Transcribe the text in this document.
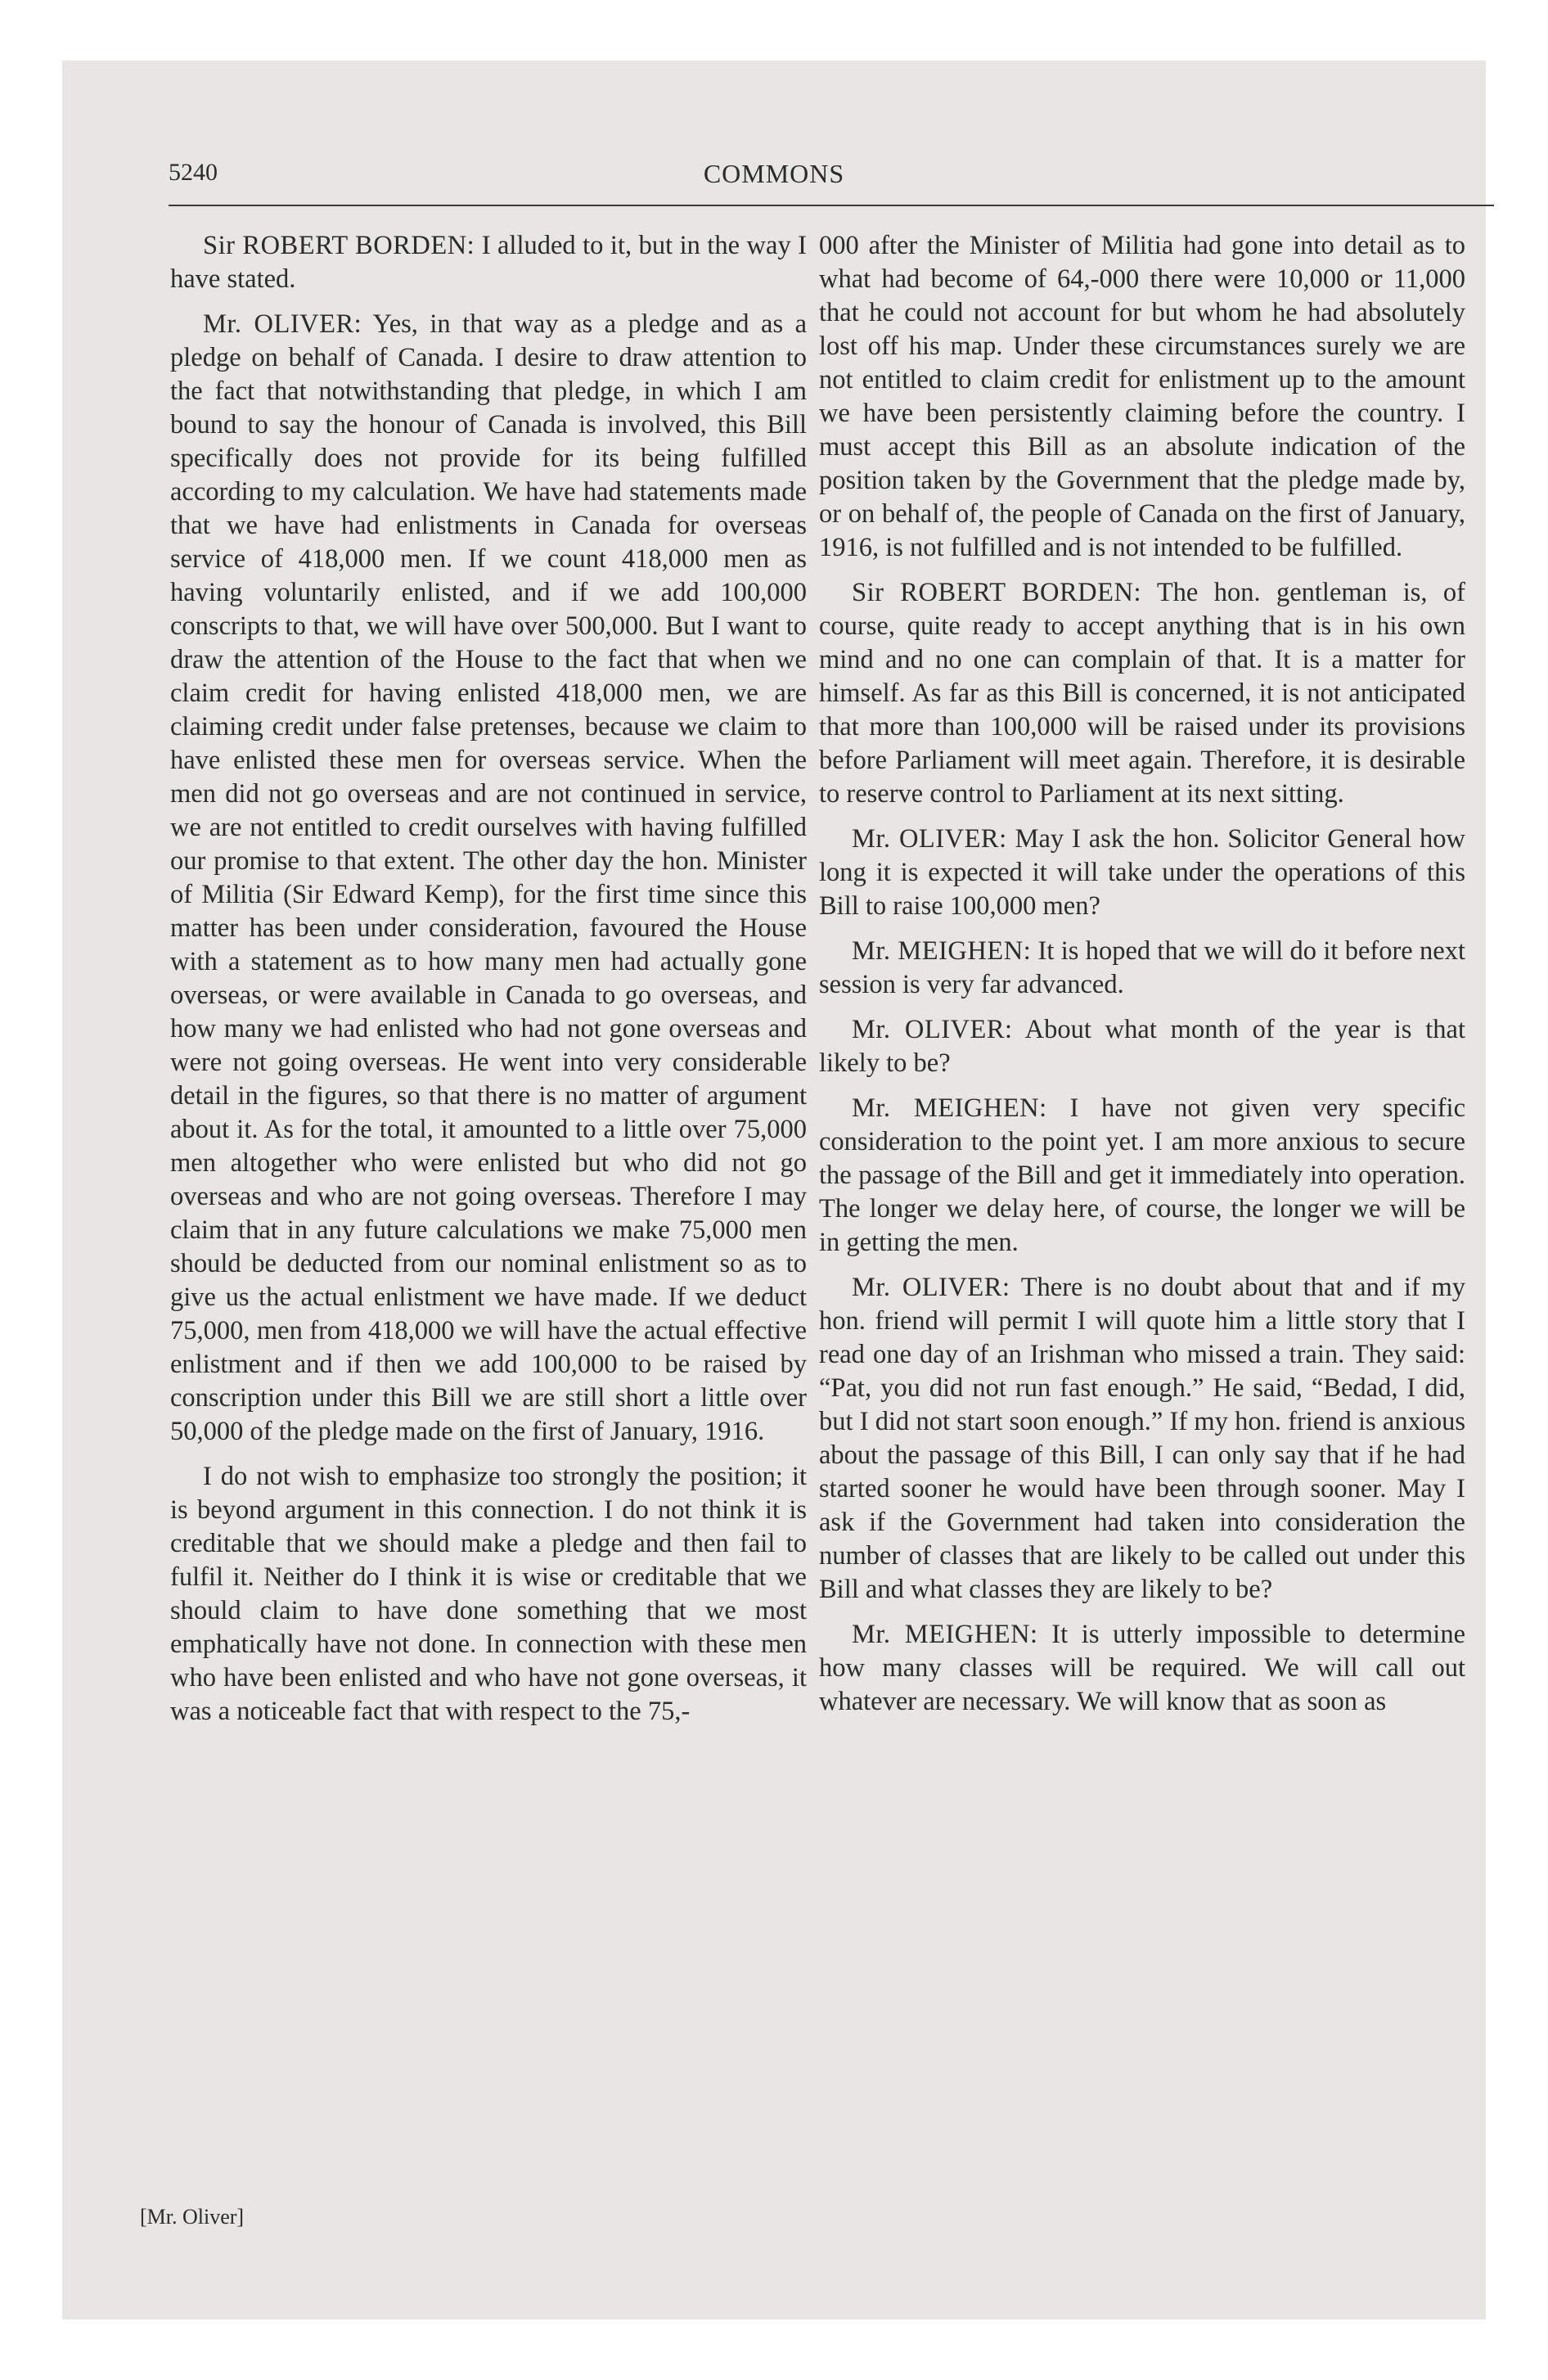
5240	COMMONS

Sir ROBERT BORDEN: I alluded to it, but in the way I have stated.

Mr. OLIVER: Yes, in that way as a pledge and as a pledge on behalf of Canada. I desire to draw attention to the fact that notwithstanding that pledge, in which I am bound to say the honour of Canada is involved, this Bill specifically does not provide for its being fulfilled according to my calculation. We have had statements made that we have had enlistments in Canada for overseas service of 418,000 men. If we count 418,000 men as having voluntarily enlisted, and if we add 100,000 conscripts to that, we will have over 500,000. But I want to draw the attention of the House to the fact that when we claim credit for having enlisted 418,000 men, we are claiming credit under false pretenses, because we claim to have enlisted these men for overseas service. When the men did not go overseas and are not continued in service, we are not entitled to credit ourselves with having fulfilled our promise to that extent. The other day the hon. Minister of Militia (Sir Edward Kemp), for the first time since this matter has been under consideration, favoured the House with a statement as to how many men had actually gone overseas, or were available in Canada to go overseas, and how many we had enlisted who had not gone overseas and were not going overseas. He went into very considerable detail in the figures, so that there is no matter of argument about it. As for the total, it amounted to a little over 75,000 men altogether who were enlisted but who did not go overseas and who are not going overseas. Therefore I may claim that in any future calculations we make 75,000 men should be deducted from our nominal enlistment so as to give us the actual enlistment we have made. If we deduct 75,000, men from 418,000 we will have the actual effective enlistment and if then we add 100,000 to be raised by conscription under this Bill we are still short a little over 50,000 of the pledge made on the first of January, 1916.

I do not wish to emphasize too strongly the position; it is beyond argument in this connection. I do not think it is creditable that we should make a pledge and then fail to fulfil it. Neither do I think it is wise or creditable that we should claim to have done something that we most emphatically have not done. In connection with these men who have been enlisted and who have not gone overseas, it was a noticeable fact that with respect to the 75,-

000 after the Minister of Militia had gone into detail as to what had become of 64,-000 there were 10,000 or 11,000 that he could not account for but whom he had absolutely lost off his map. Under these circumstances surely we are not entitled to claim credit for enlistment up to the amount we have been persistently claiming before the country. I must accept this Bill as an absolute indication of the position taken by the Government that the pledge made by, or on behalf of, the people of Canada on the first of January, 1916, is not fulfilled and is not intended to be fulfilled.

Sir ROBERT BORDEN: The hon. gentleman is, of course, quite ready to accept anything that is in his own mind and no one can complain of that. It is a matter for himself. As far as this Bill is concerned, it is not anticipated that more than 100,000 will be raised under its provisions before Parliament will meet again. Therefore, it is desirable to reserve control to Parliament at its next sitting.

Mr. OLIVER: May I ask the hon. Solicitor General how long it is expected it will take under the operations of this Bill to raise 100,000 men?

Mr. MEIGHEN: It is hoped that we will do it before next session is very far advanced.

Mr. OLIVER: About what month of the year is that likely to be?

Mr. MEIGHEN: I have not given very specific consideration to the point yet. I am more anxious to secure the passage of the Bill and get it immediately into operation. The longer we delay here, of course, the longer we will be in getting the men.

Mr. OLIVER: There is no doubt about that and if my hon. friend will permit I will quote him a little story that I read one day of an Irishman who missed a train. They said: “Pat, you did not run fast enough.” He said, “Bedad, I did, but I did not start soon enough.” If my hon. friend is anxious about the passage of this Bill, I can only say that if he had started sooner he would have been through sooner. May I ask if the Government had taken into consideration the number of classes that are likely to be called out under this Bill and what classes they are likely to be?

Mr. MEIGHEN: It is utterly impossible to determine how many classes will be required. We will call out whatever are necessary. We will know that as soon as

[Mr. Oliver]
